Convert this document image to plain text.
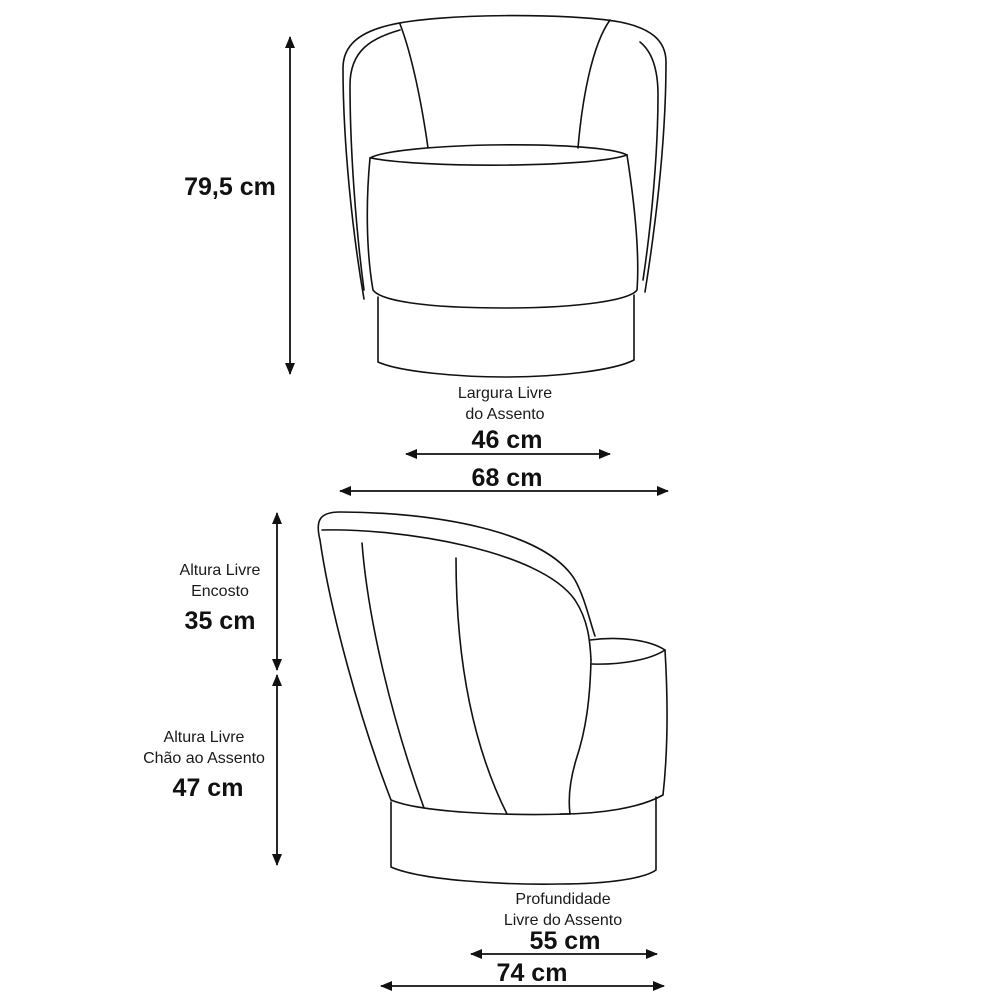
79,5 cm
Largura Livre
do Assento
46 cm
68 cm
Altura Livre
Encosto
35 cm
Altura Livre
Chão ao Assento
47 cm
Profundidade
Livre do Assento
55 cm
74 cm
